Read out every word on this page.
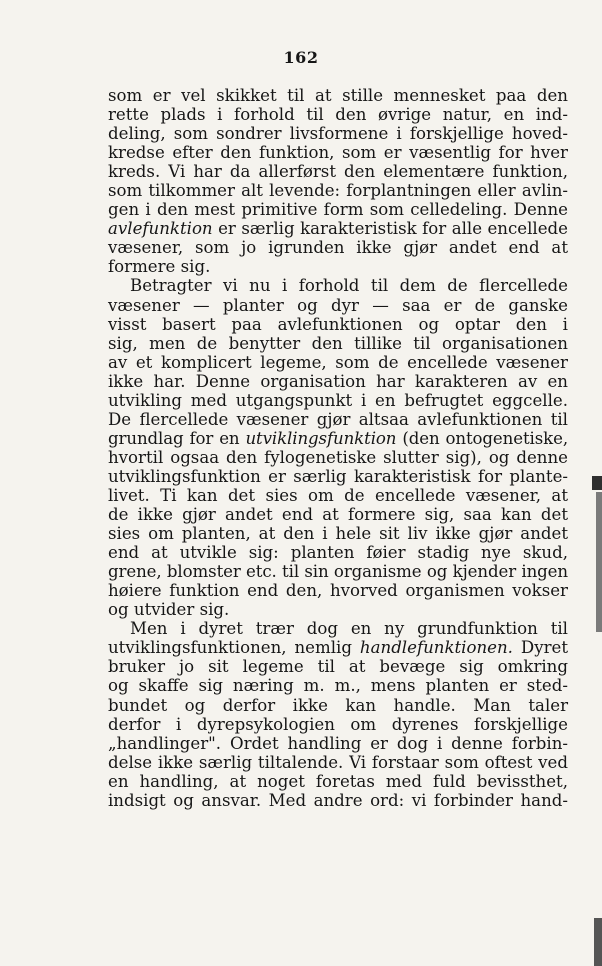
162
som er vel skikket til at stille mennesket paa den
rette plads i forhold til den øvrige natur, en ind-
deling, som sondrer livsformene i forskjellige hoved-
kredse efter den funktion, som er væsentlig for hver
kreds. Vi har da allerførst den elementære funktion,
som tilkommer alt levende: forplantningen eller avlin-
gen i den mest primitive form som celledeling. Denne
avlefunktion er særlig karakteristisk for alle encellede
væsener, som jo igrunden ikke gjør andet end at
formere sig.
Betragter vi nu i forhold til dem de flercellede
væsener — planter og dyr — saa er de ganske
visst basert paa avlefunktionen og optar den i
sig, men de benytter den tillike til organisationen
av et komplicert legeme, som de encellede væsener
ikke har. Denne organisation har karakteren av en
utvikling med utgangspunkt i en befrugtet eggcelle.
De flercellede væsener gjør altsaa avlefunktionen til
grundlag for en utviklingsfunktion (den ontogenetiske,
hvortil ogsaa den fylogenetiske slutter sig), og denne
utviklingsfunktion er særlig karakteristisk for plante-
livet. Ti kan det sies om de encellede væsener, at
de ikke gjør andet end at formere sig, saa kan det
sies om planten, at den i hele sit liv ikke gjør andet
end at utvikle sig: planten føier stadig nye skud,
grene, blomster etc. til sin organisme og kjender ingen
høiere funktion end den, hvorved organismen vokser
og utvider sig.
Men i dyret trær dog en ny grundfunktion til
utviklingsfunktionen, nemlig handlefunktionen. Dyret
bruker jo sit legeme til at bevæge sig omkring
og skaffe sig næring m. m., mens planten er sted-
bundet og derfor ikke kan handle. Man taler
derfor i dyrepsykologien om dyrenes forskjellige
„handlinger". Ordet handling er dog i denne forbin-
delse ikke særlig tiltalende. Vi forstaar som oftest ved
en handling, at noget foretas med fuld bevissthet,
indsigt og ansvar. Med andre ord: vi forbinder hand-
